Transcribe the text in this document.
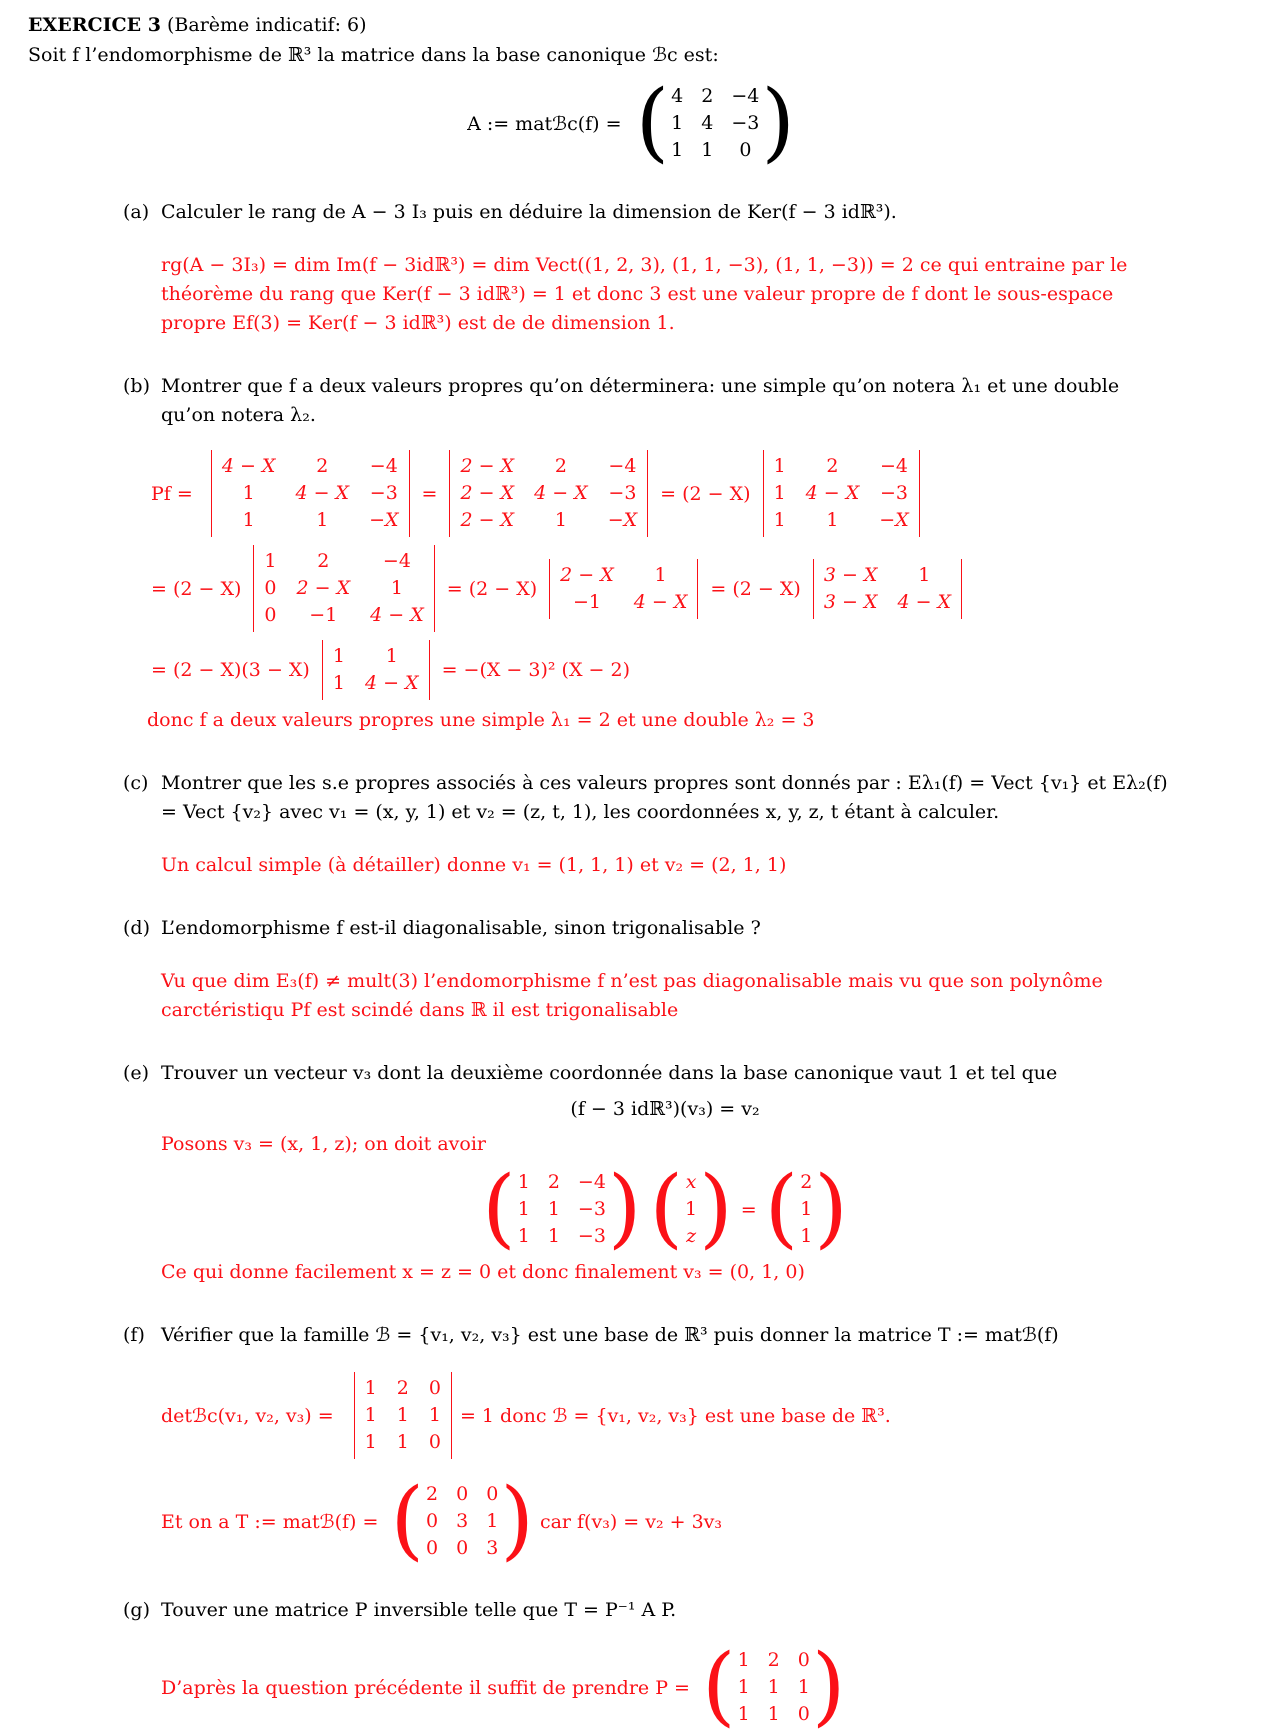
EXERCICE 3 (Barème indicatif: 6)
Soit f l’endomorphisme de ℝ³ la matrice dans la base canonique ℬc est:
A := matℬc(f) = ( 4 2 −4
1 4 −3
1 1 0 )
(a) Calculer le rang de A − 3 I₃ puis en déduire la dimension de Ker(f − 3 idℝ³).
rg(A − 3I₃) = dim Im(f − 3idℝ³) = dim Vect((1, 2, 3), (1, 1, −3), (1, 1, −3)) = 2 ce qui entraine par le théorème du rang que Ker(f − 3 idℝ³) = 1 et donc 3 est une valeur propre de f dont le sous-espace propre Ef(3) = Ker(f − 3 idℝ³) est de de dimension 1.
(b) Montrer que f a deux valeurs propres qu’on déterminera: une simple qu’on notera λ₁ et une double qu’on notera λ₂.
Pf =
4 − X 2 −4
1 4 − X −3
1	1 −X
=
2 − X 2 −4
2 − X 4 − X −3
2 − X 1 −X
= (2 − X)
1 2 −4
1 4 − X −3
1 1 −X
= (2 − X)
1 2	−4
0 2 − X 1
0 −1 4 − X
= (2 − X)
2 − X 1
−1 4 − X
= (2 − X)
3 − X 1
3 − X 4 − X
= (2 − X)(3 − X)
1 1
1 4 − X
= −(X − 3)² (X − 2)
donc f a deux valeurs propres une simple λ₁ = 2 et une double λ₂ = 3
(c) Montrer que les s.e propres associés à ces valeurs propres sont donnés par : Eλ₁(f) = Vect {v₁} et Eλ₂(f) = Vect {v₂} avec v₁ = (x, y, 1) et v₂ = (z, t, 1), les coordonnées x, y, z, t étant à calculer.
Un calcul simple (à détailler) donne v₁ = (1, 1, 1) et v₂ = (2, 1, 1)
(d) L’endomorphisme f est-il diagonalisable, sinon trigonalisable ?
Vu que dim E₃(f) ≠ mult(3) l’endomorphisme f n’est pas diagonalisable mais vu que son polynôme carctéristiqu Pf est scindé dans ℝ il est trigonalisable
(e) Trouver un vecteur v₃ dont la deuxième coordonnée dans la base canonique vaut 1 et tel que
(f − 3 idℝ³)(v₃) = v₂
Posons v₃ = (x, 1, z); on doit avoir
( 1 2 −4
1 1 −3
1 1 −3 ) ( x
1
z ) = ( 2
1
1 )
Ce qui donne facilement x = z = 0 et donc finalement v₃ = (0, 1, 0)
(f) Vérifier que la famille ℬ = {v₁, v₂, v₃} est une base de ℝ³ puis donner la matrice T := matℬ(f)
detℬc(v₁, v₂, v₃) =
1 2 0
1 1 1
1 1 0
= 1 donc ℬ = {v₁, v₂, v₃} est une base de ℝ³.
Et on a T := matℬ(f) = ( 2 0 0
0 3 1
0 0 3 ) car f(v₃) = v₂ + 3v₃
(g) Touver une matrice P inversible telle que T = P⁻¹ A P.
D’après la question précédente il suffit de prendre P = ( 1 2 0
1 1 1
1 1 0 )
